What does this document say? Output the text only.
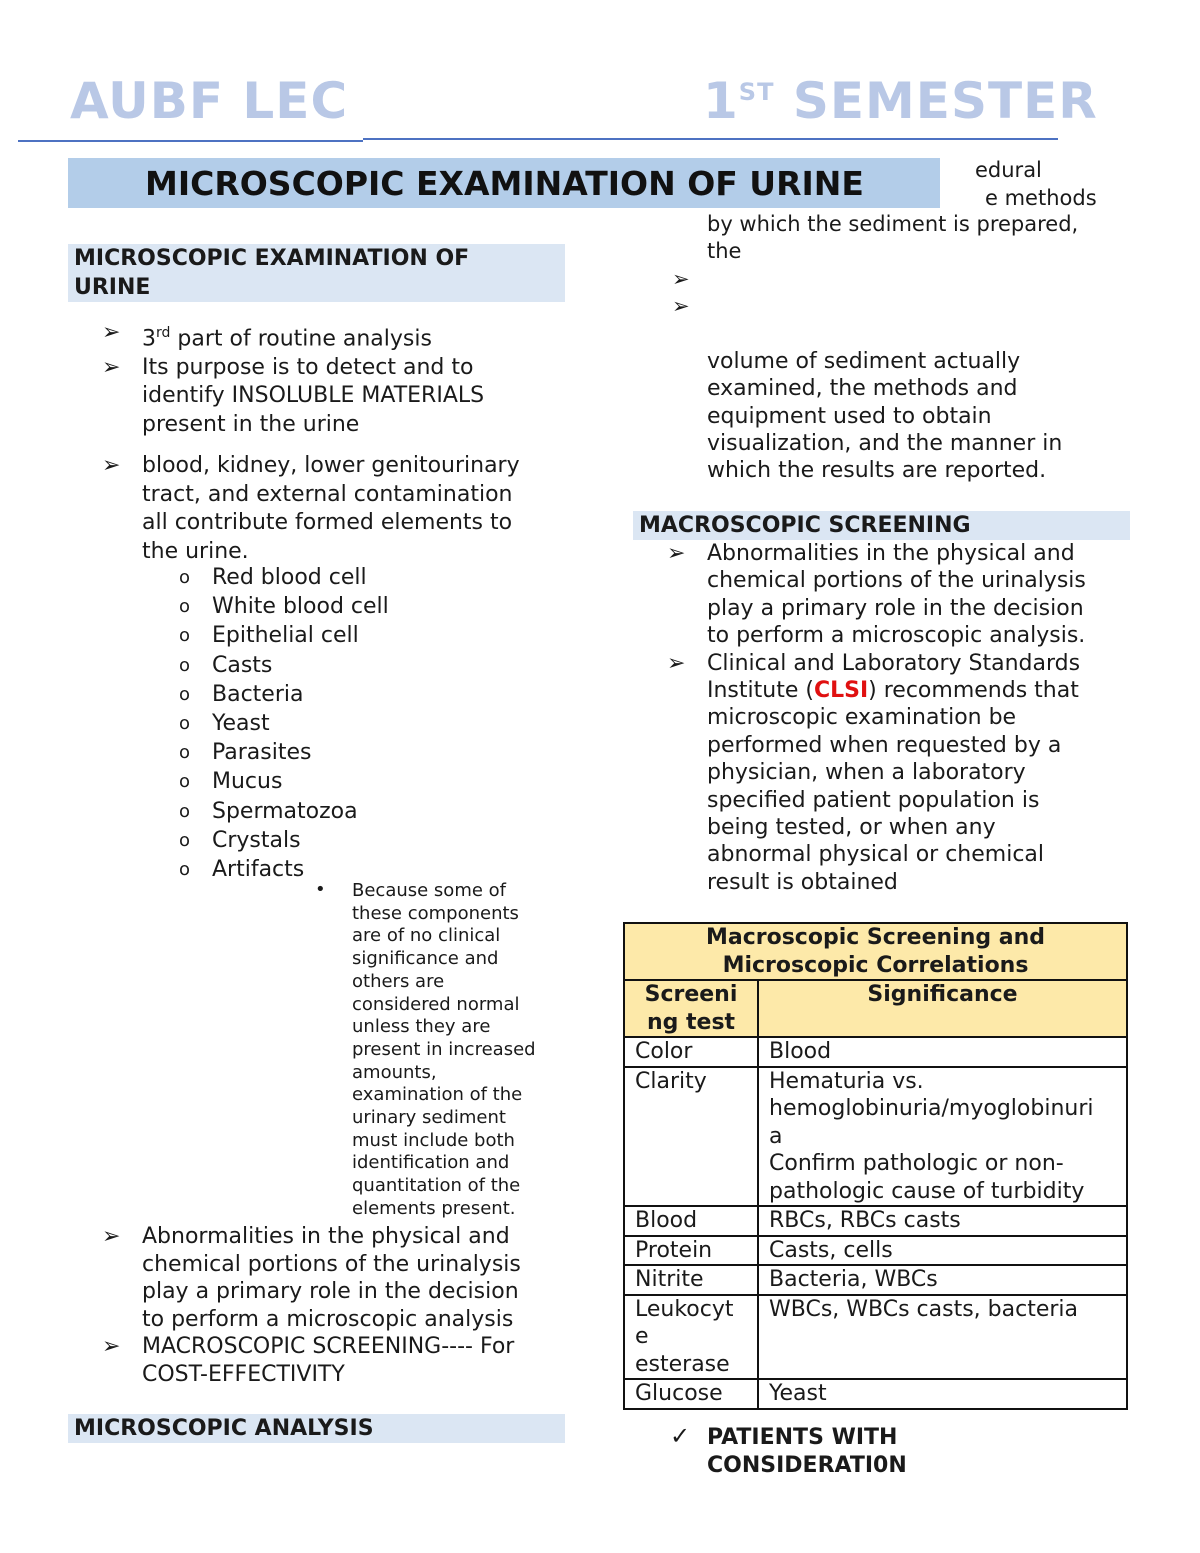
AUBF LEC	1ST SEMESTER
edural
e methods
by which the sediment is prepared,
the
➢
➢
MICROSCOPIC EXAMINATION OF URINE
MICROSCOPIC EXAMINATION OF
URINE
➢ 3rd part of routine analysis
➢ Its purpose is to detect and to
identify INSOLUBLE MATERIALS
present in the urine
➢ blood, kidney, lower genitourinary
tract, and external contamination
all contribute formed elements to
the urine.
o Red blood cell
o White blood cell
o Epithelial cell
o Casts
o Bacteria
o Yeast
o Parasites
o Mucus
o Spermatozoa
o Crystals
o Artifacts
• Because some of
these components
are of no clinical
significance and
others are
considered normal
unless they are
present in increased
amounts,
examination of the
urinary sediment
must include both
identification and
quantitation of the
elements present.
➢ Abnormalities in the physical and
chemical portions of the urinalysis
play a primary role in the decision
to perform a microscopic analysis
➢ MACROSCOPIC SCREENING---- For
COST-EFFECTIVITY
MICROSCOPIC ANALYSIS
volume of sediment actually
examined, the methods and
equipment used to obtain
visualization, and the manner in
which the results are reported.
MACROSCOPIC SCREENING
➢ Abnormalities in the physical and
chemical portions of the urinalysis
play a primary role in the decision
to perform a microscopic analysis.
➢ Clinical and Laboratory Standards
Institute (CLSI) recommends that
microscopic examination be
performed when requested by a
physician, when a laboratory
specified patient population is
being tested, or when any
abnormal physical or chemical
result is obtained
Macroscopic Screening and
Microscopic Correlations	

Screeni
ng test	Significance
Color	Blood
Clarity	Hematuria vs.
hemoglobinuria/myoglobinuri
a
Confirm pathologic or non-
pathologic cause of turbidity

Blood	RBCs, RBCs casts
Protein	Casts, cells
Nitrite	Bacteria, WBCs

Leukocyt
e
esterase	WBCs, WBCs casts, bacteria
Glucose	Yeast
✓ PATIENTS WITH
CONSIDERATI0N
